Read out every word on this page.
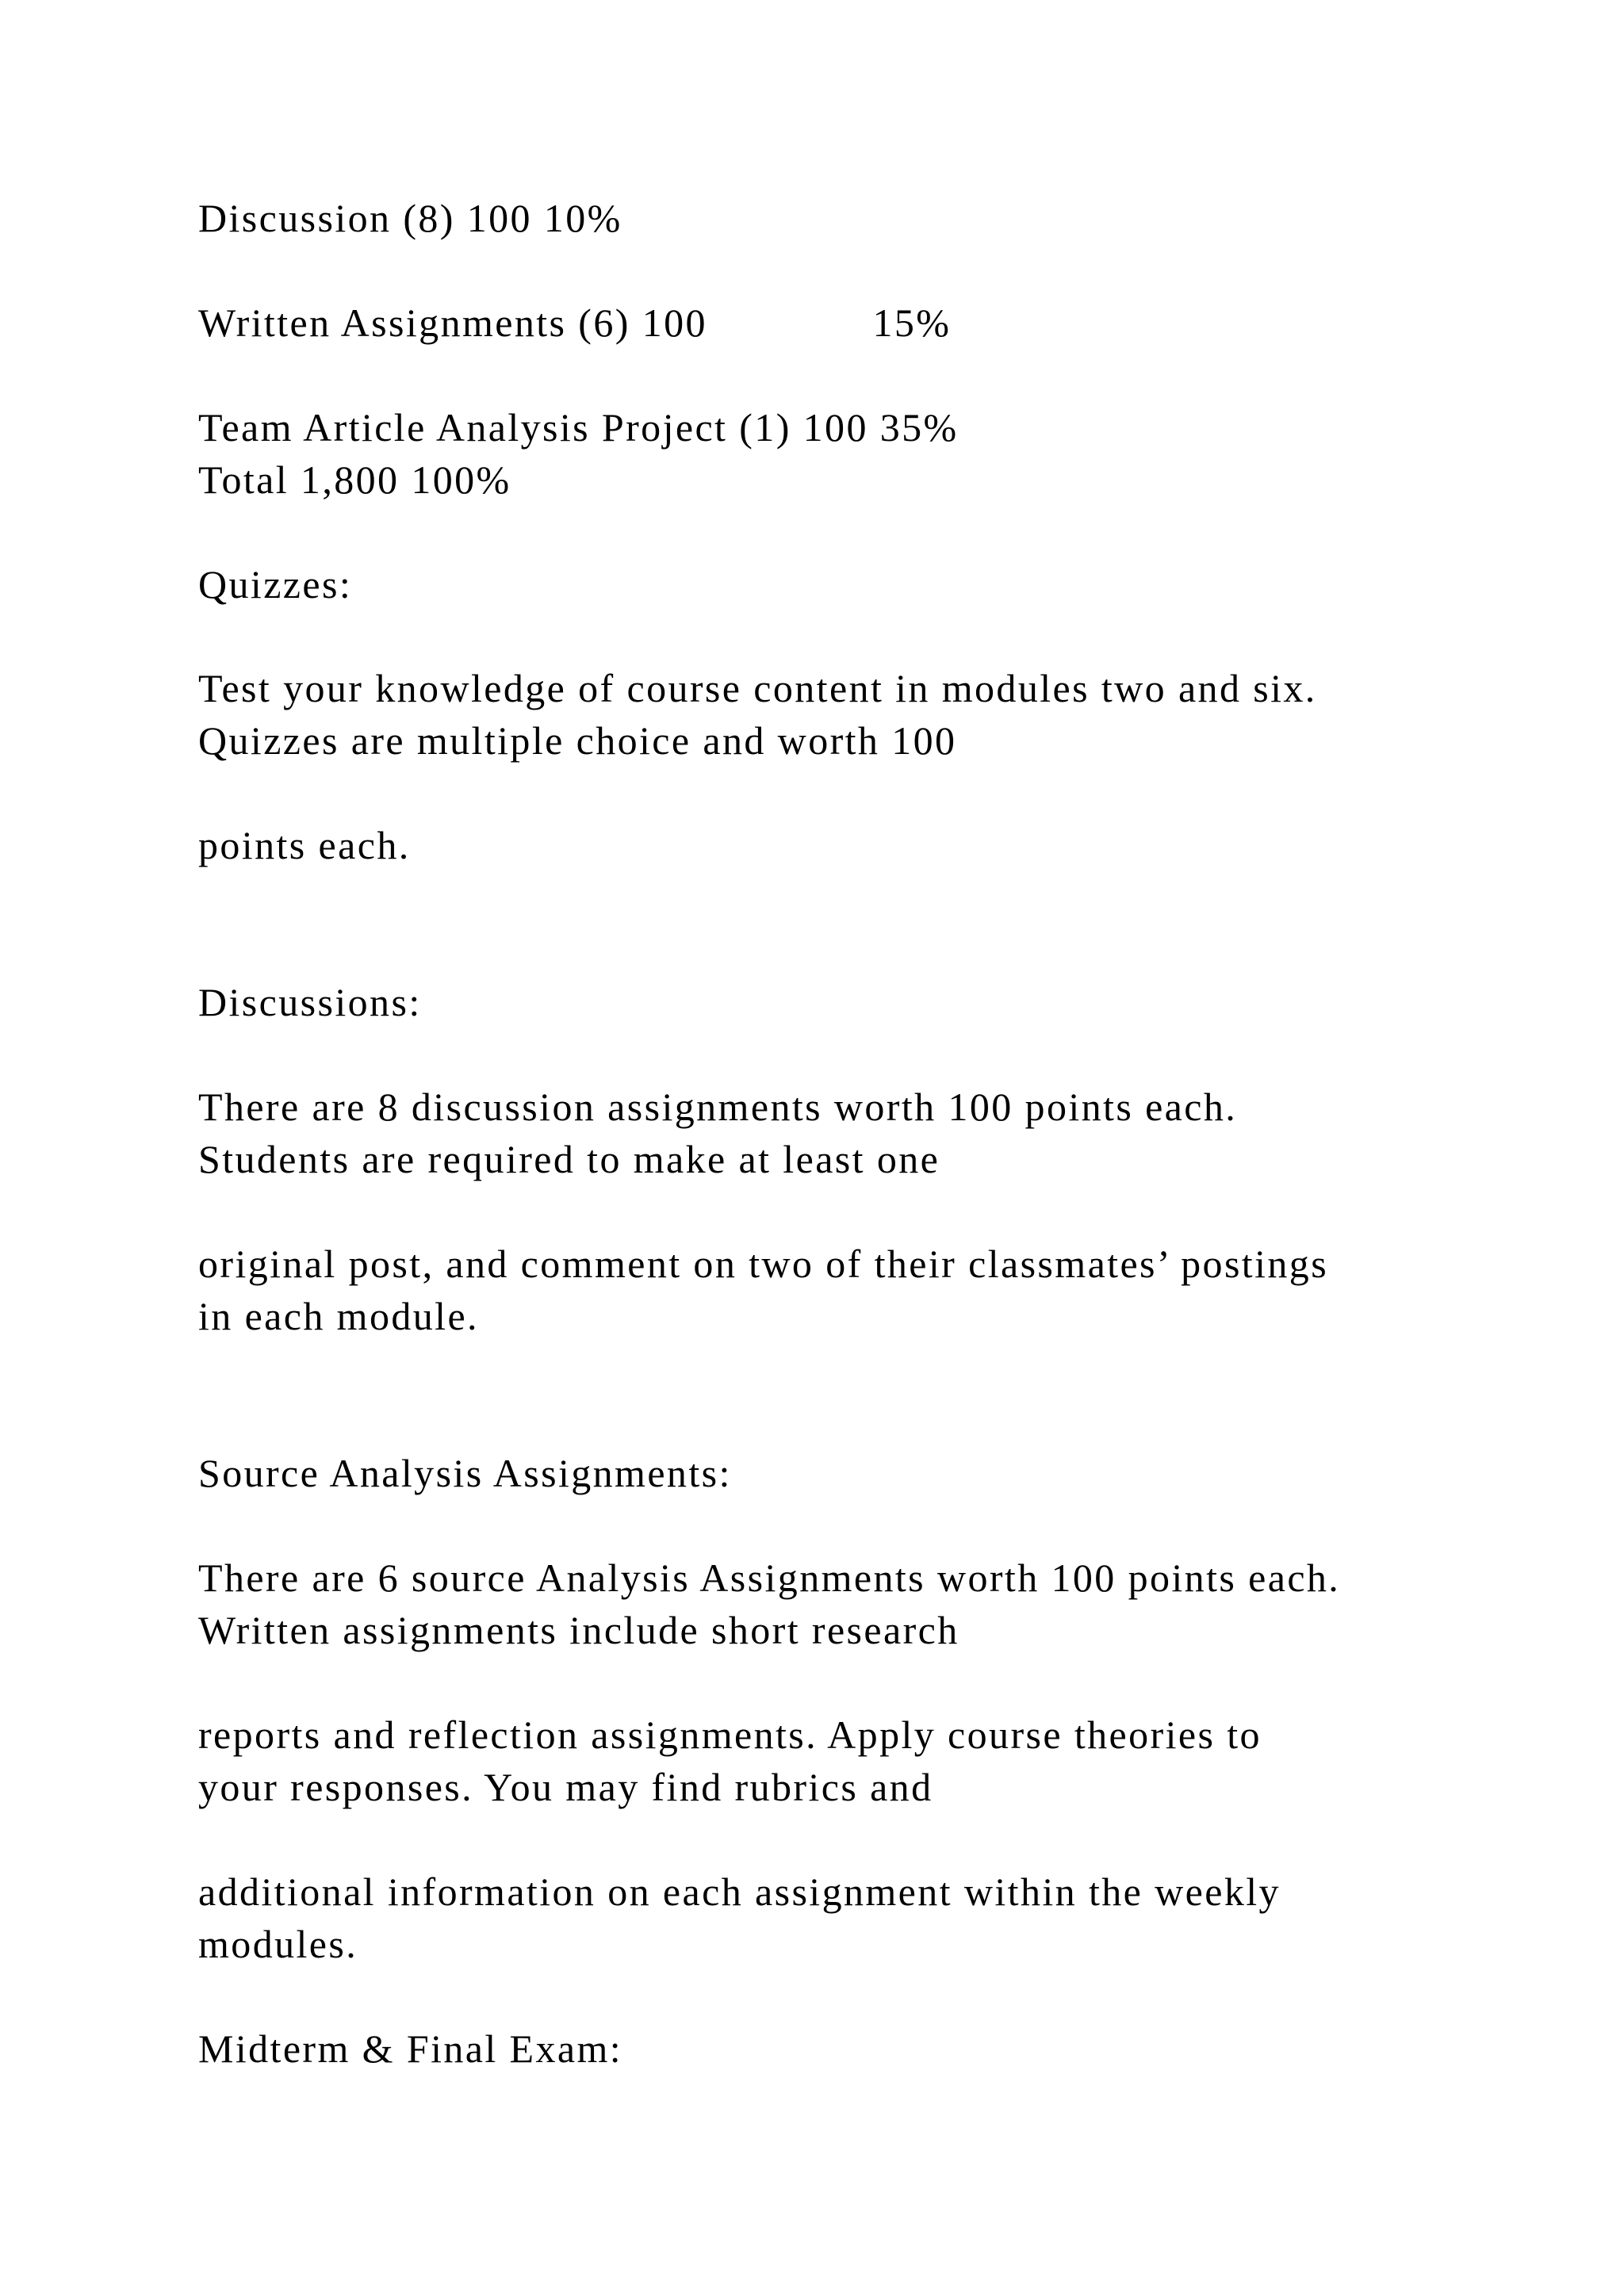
Discussion (8) 100 10%
Written Assignments (6) 100              15%
Team Article Analysis Project (1) 100 35%
Total 1,800 100%
Quizzes:
Test your knowledge of course content in modules two and six.
Quizzes are multiple choice and worth 100
points each.
Discussions:
There are 8 discussion assignments worth 100 points each.
Students are required to make at least one
original post, and comment on two of their classmates’ postings
in each module.
Source Analysis Assignments:
There are 6 source Analysis Assignments worth 100 points each.
Written assignments include short research
reports and reflection assignments. Apply course theories to
your responses. You may find rubrics and
additional information on each assignment within the weekly
modules.
Midterm & Final Exam:
